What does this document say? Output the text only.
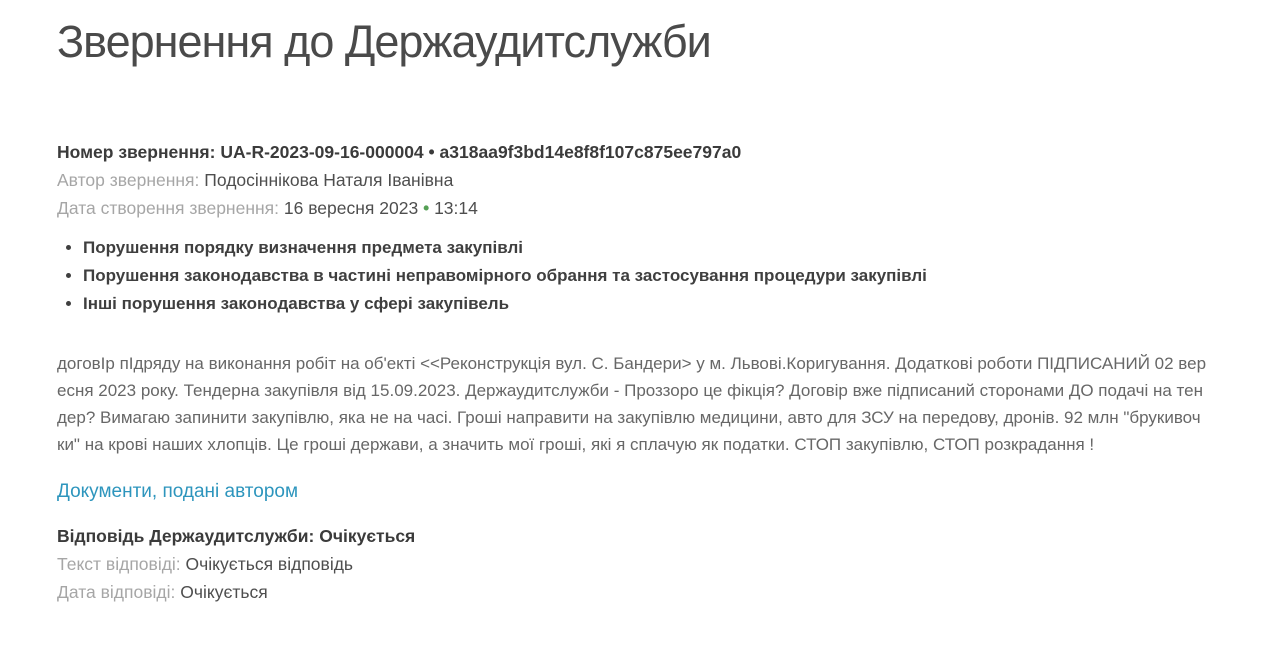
Звернення до Держаудитслужби
Номер звернення: UA-R-2023-09-16-000004 • a318aa9f3bd14e8f8f107c875ee797a0
Автор звернення: Подосіннікова Наталя Іванівна
Дата створення звернення: 16 вересня 2023 • 13:14
• Порушення порядку визначення предмета закупівлі
• Порушення законодавства в частині неправомірного обрання та застосування процедури закупівлі
• Інші порушення законодавства у сфері закупівель

договІр пІдряду на виконання робіт на об'екті <<Реконструкція вул. С. Бандери> у м. Львові.Коригування. Додаткові роботи ПІДПИСАНИЙ 02 вересня 2023 року. Тендерна закупівля від 15.09.2023. Держаудитслужби - Проззоро це фікція? Договір вже підписаний сторонами ДО подачі на тендер? Вимагаю запинити закупівлю, яка не на часі. Гроші направити на закупівлю медицини, авто для ЗСУ на передову, дронів. 92 млн "брукивочки" на крові наших хлопців. Це гроші держави, а значить мої гроші, які я сплачую як податки. СТОП закупівлю, СТОП розкрадання !

Документи, подані автором
Відповідь Держаудитслужби: Очікується
Текст відповіді: Очікується відповідь
Дата відповіді: Очікується
